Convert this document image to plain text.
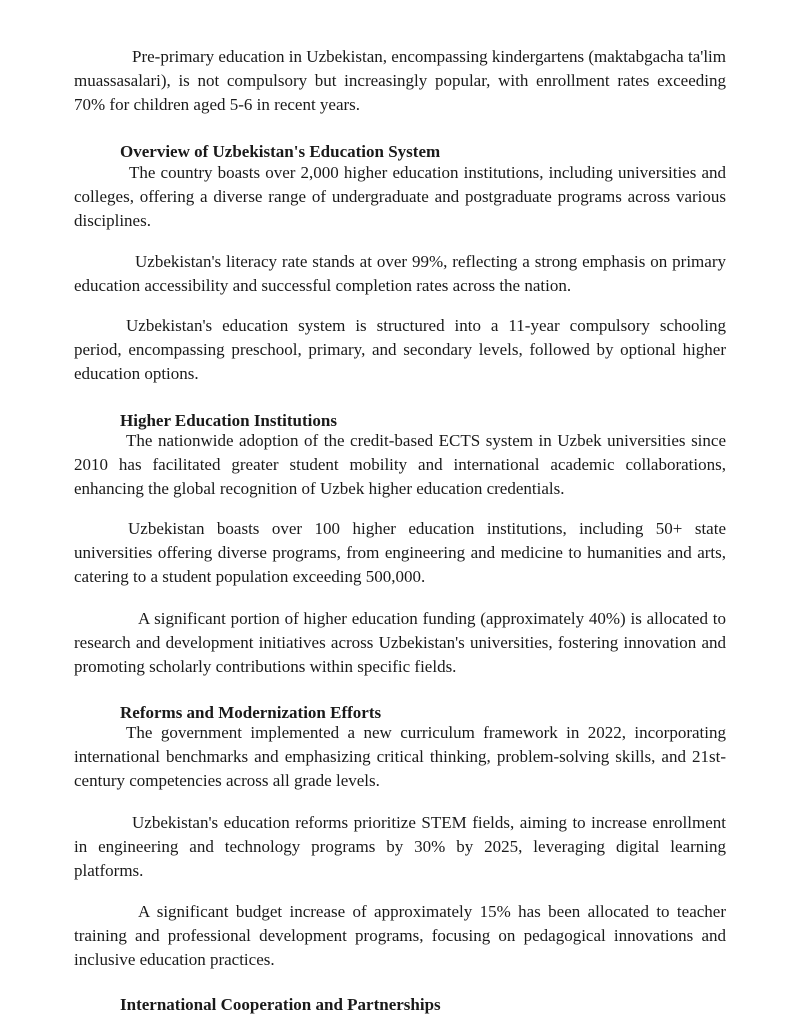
Pre-primary education in Uzbekistan, encompassing kindergartens (maktabgacha ta'lim muassasalari), is not compulsory but increasingly popular, with enrollment rates exceeding 70% for children aged 5-6 in recent years.

Overview of Uzbekistan's Education System

The country boasts over 2,000 higher education institutions, including universities and colleges, offering a diverse range of undergraduate and postgraduate programs across various disciplines.

Uzbekistan's literacy rate stands at over 99%, reflecting a strong emphasis on primary education accessibility and successful completion rates across the nation.

Uzbekistan's education system is structured into a 11-year compulsory schooling period, encompassing preschool, primary, and secondary levels, followed by optional higher education options.

Higher Education Institutions

The nationwide adoption of the credit-based ECTS system in Uzbek universities since 2010 has facilitated greater student mobility and international academic collaborations, enhancing the global recognition of Uzbek higher education credentials.

Uzbekistan boasts over 100 higher education institutions, including 50+ state universities offering diverse programs, from engineering and medicine to humanities and arts, catering to a student population exceeding 500,000.

A significant portion of higher education funding (approximately 40%) is allocated to research and development initiatives across Uzbekistan's universities, fostering innovation and promoting scholarly contributions within specific fields.

Reforms and Modernization Efforts

The government implemented a new curriculum framework in 2022, incorporating international benchmarks and emphasizing critical thinking, problem-solving skills, and 21st-century competencies across all grade levels.

Uzbekistan's education reforms prioritize STEM fields, aiming to increase enrollment in engineering and technology programs by 30% by 2025, leveraging digital learning platforms.

A significant budget increase of approximately 15% has been allocated to teacher training and professional development programs, focusing on pedagogical innovations and inclusive education practices.

International Cooperation and Partnerships
